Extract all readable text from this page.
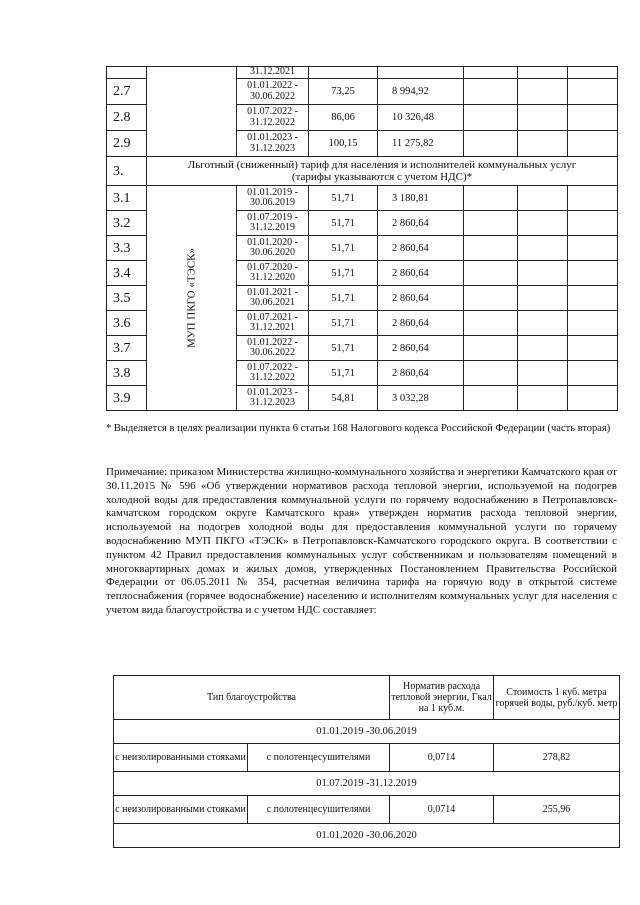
		31.12.2021					
2.7		01.01.2022 -
30.06.2022	73,25	8 994,92			
2.8		01.07.2022 -
31.12.2022	86,06	10 326,48			
2.9		01.01.2023 -
31.12.2023	100,15	11 275,82			
3.	Льготный (сниженный) тариф для населения и исполнителей коммунальных услуг
(тарифы указываются с учетом НДС)*						
3.1	МУП ПКГО «ТЭСК»	01.01.2019 -
30.06.2019	51,71	3 180,81			
3.2		01.07.2019 -
31.12.2019	51,71	2 860,64			
3.3		01.01.2020 -
30.06.2020	51,71	2 860,64			
3.4		01.07.2020 -
31.12.2020	51,71	2 860,64			
3.5		01.01.2021 -
30.06.2021	51,71	2 860,64			
3.6		01.07.2021 -
31.12.2021	51,71	2 860,64			
3.7		01.01.2022 -
30.06.2022	51,71	2 860,64			
3.8		01.07.2022 -
31.12.2022	51,71	2 860,64			
3.9		01.01.2023 -
31.12.2023	54,81	3 032,28			
* Выделяется в целях реализации пункта 6 статьи 168 Налогового кодекса Российской Федерации (часть вторая)
Примечание: приказом Министерства жилищно-коммунального хозяйства и энергетики Камчатского края от 30.11.2015 № 596 «Об утверждении нормативов расхода тепловой энергии, используемой на подогрев холодной воды для предоставления коммунальной услуги по горячему водоснабжению в Петропавловск-камчатском городском округе Камчатского края» утвержден норматив расхода тепловой энергии, используемой на подогрев холодной воды для предоставления коммунальной услуги по горячему водоснабжению МУП ПКГО «ТЭСК» в Петропавловск-Камчатского городского округа. В соответствии с пунктом 42 Правил предоставления коммунальных услуг собственникам и пользователям помещений в многоквартирных домах и жилых домов, утвержденных Постановлением Правительства Российской Федерации от 06.05.2011 № 354, расчетная величина тарифа на горячую воду в открытой системе теплоснабжения (горячее водоснабжение) населению и исполнителям коммунальных услуг для населения с учетом вида благоустройства и с учетом НДС составляет:
Тип благоустройства		Норматив расхода тепловой энергии, Гкал на 1 куб.м.	Стоимость 1 куб. метра горячей воды, руб./куб. метр
01.01.2019 -30.06.2019			
с неизолированными стояками	с полотенцесушителями	0,0714	278,82
01.07.2019 -31.12.2019			
с неизолированными стояками	с полотенцесушителями	0,0714	255,96
01.01.2020 -30.06.2020			
